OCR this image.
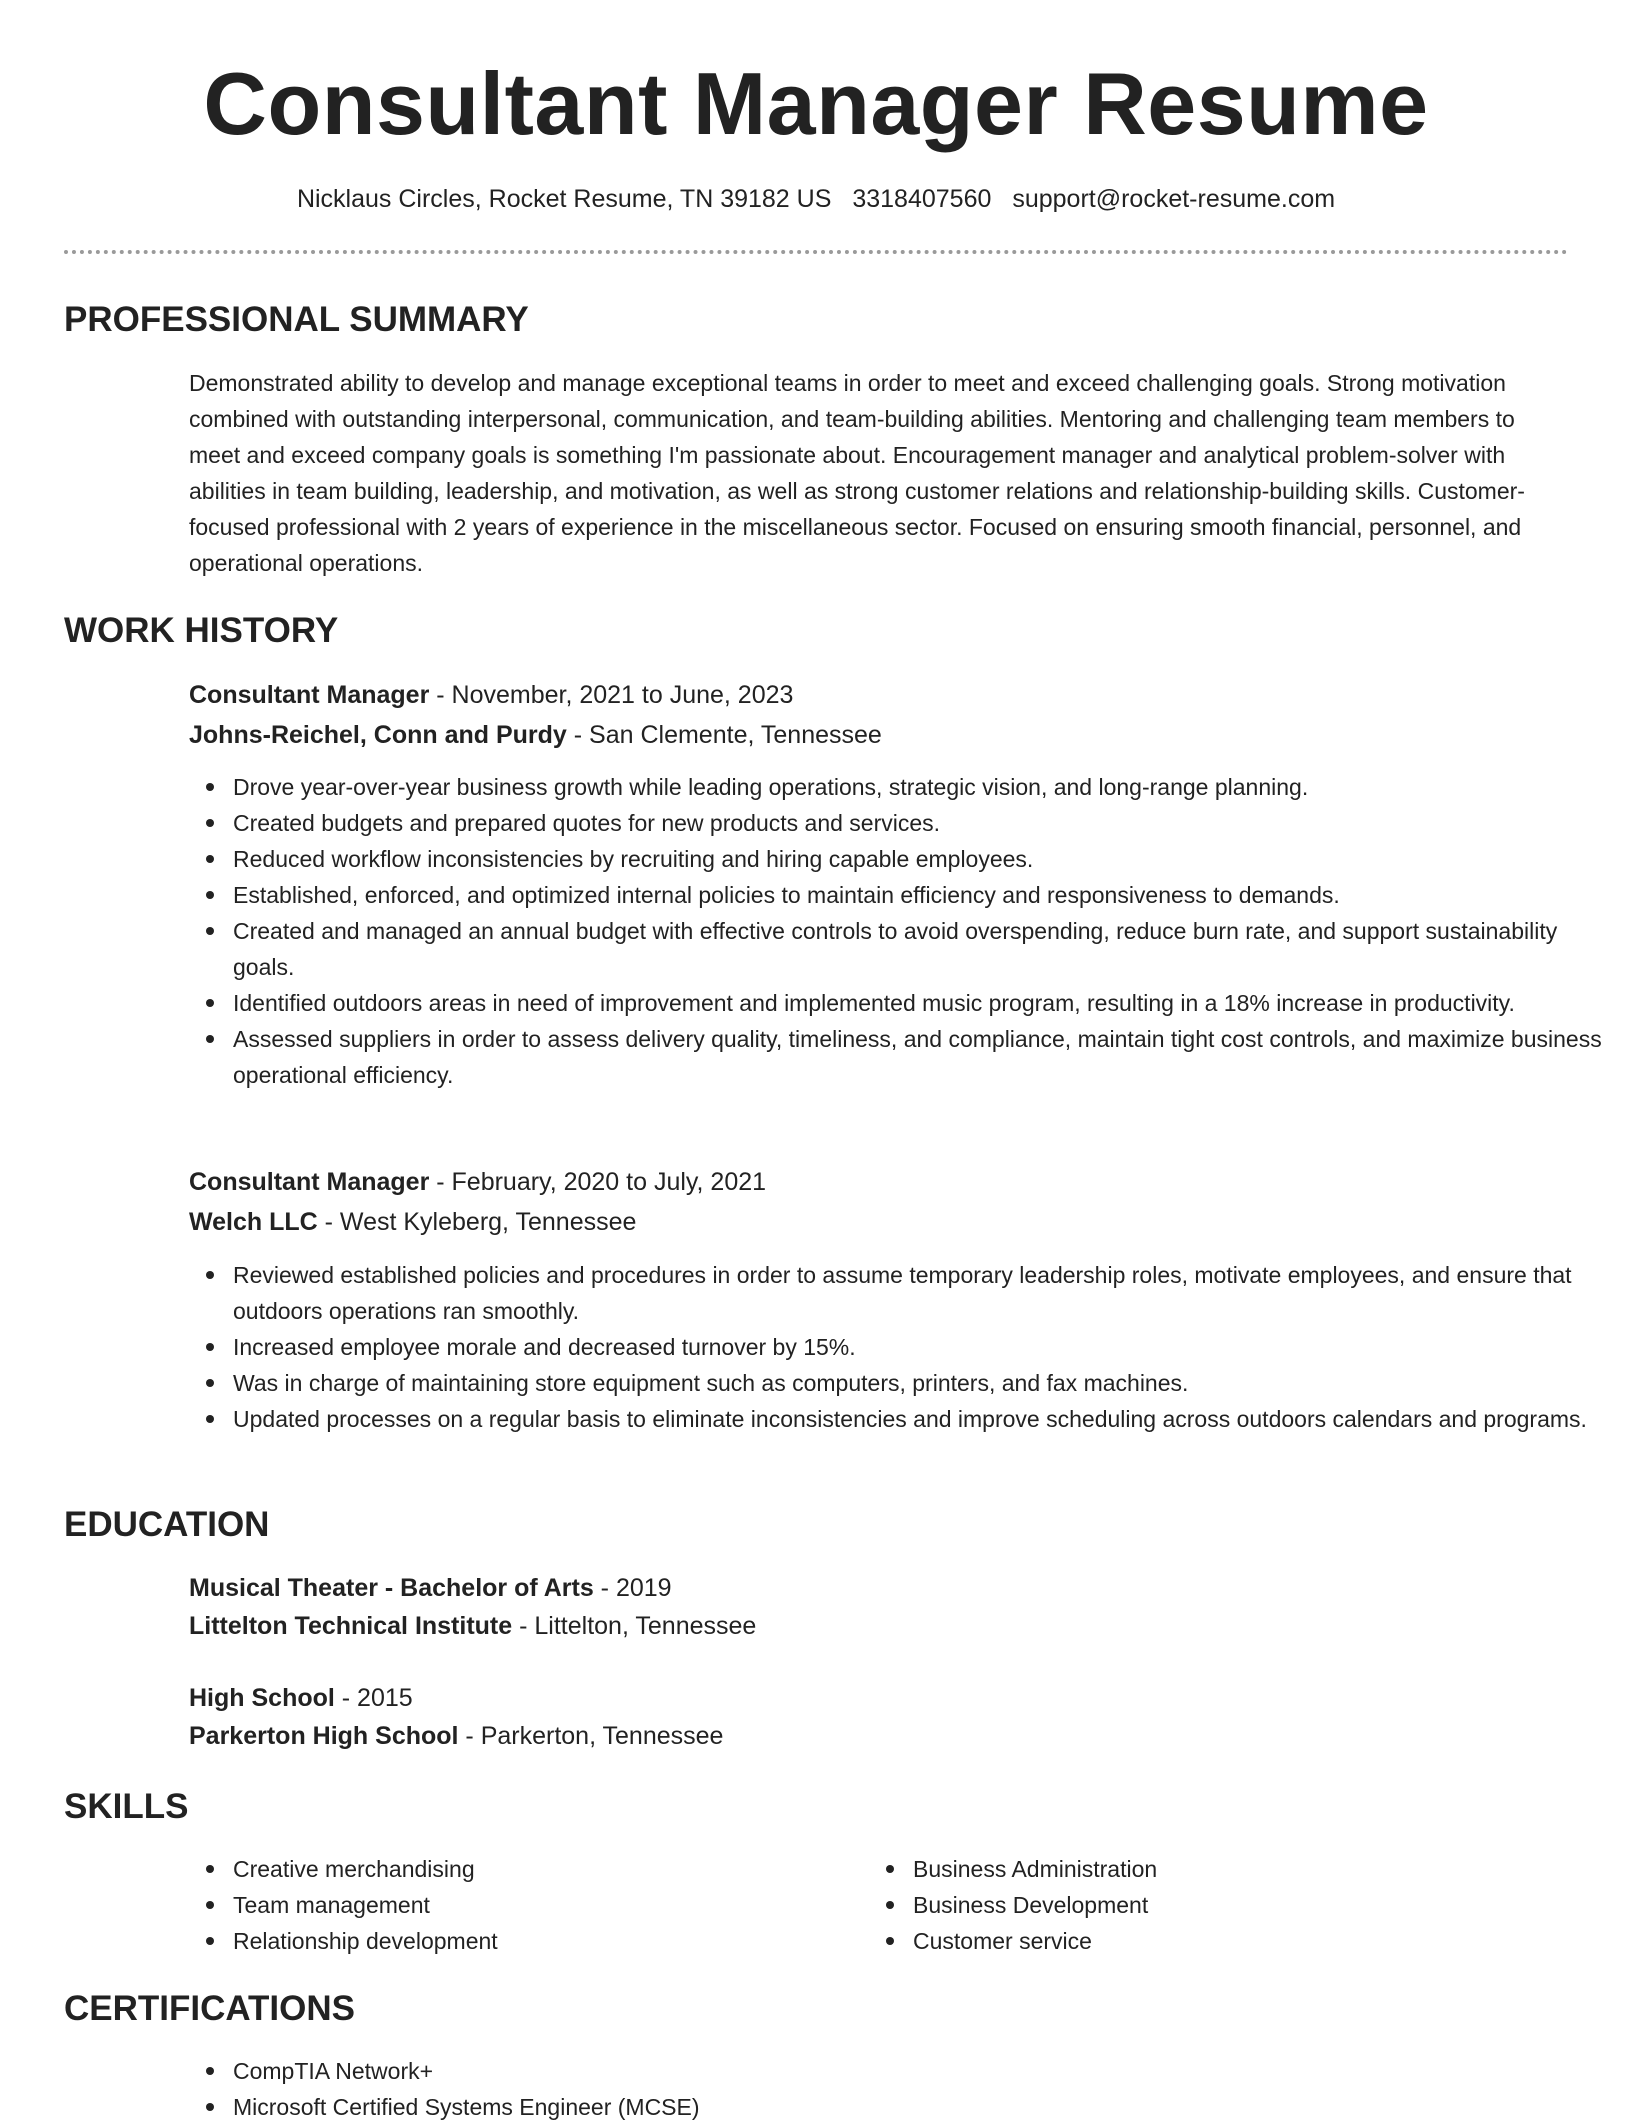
Consultant Manager Resume
Nicklaus Circles, Rocket Resume, TN 39182 US 3318407560 support@rocket-resume.com
PROFESSIONAL SUMMARY

Demonstrated ability to develop and manage exceptional teams in order to meet and exceed challenging goals. Strong motivation combined with outstanding interpersonal, communication, and team-building abilities. Mentoring and challenging team members to meet and exceed company goals is something I'm passionate about. Encouragement manager and analytical problem-solver with abilities in team building, leadership, and motivation, as well as strong customer relations and relationship-building skills. Customer-focused professional with 2 years of experience in the miscellaneous sector. Focused on ensuring smooth financial, personnel, and operational operations.

WORK HISTORY
Consultant Manager - November, 2021 to June, 2023
Johns-Reichel, Conn and Purdy - San Clemente, Tennessee
Drove year-over-year business growth while leading operations, strategic vision, and long-range planning.
Created budgets and prepared quotes for new products and services.
Reduced workflow inconsistencies by recruiting and hiring capable employees.
Established, enforced, and optimized internal policies to maintain efficiency and responsiveness to demands.
Created and managed an annual budget with effective controls to avoid overspending, reduce burn rate, and support sustainability goals.
Identified outdoors areas in need of improvement and implemented music program, resulting in a 18% increase in productivity.
Assessed suppliers in order to assess delivery quality, timeliness, and compliance, maintain tight cost controls, and maximize business operational efficiency.
Consultant Manager - February, 2020 to July, 2021
Welch LLC - West Kyleberg, Tennessee
Reviewed established policies and procedures in order to assume temporary leadership roles, motivate employees, and ensure that outdoors operations ran smoothly.
Increased employee morale and decreased turnover by 15%.
Was in charge of maintaining store equipment such as computers, printers, and fax machines.
Updated processes on a regular basis to eliminate inconsistencies and improve scheduling across outdoors calendars and programs.
EDUCATION
Musical Theater - Bachelor of Arts - 2019
Littelton Technical Institute - Littelton, Tennessee
High School - 2015
Parkerton High School - Parkerton, Tennessee
SKILLS
Creative merchandising
Team management
Relationship development
Business Administration
Business Development
Customer service
CERTIFICATIONS
CompTIA Network+
Microsoft Certified Systems Engineer (MCSE)
